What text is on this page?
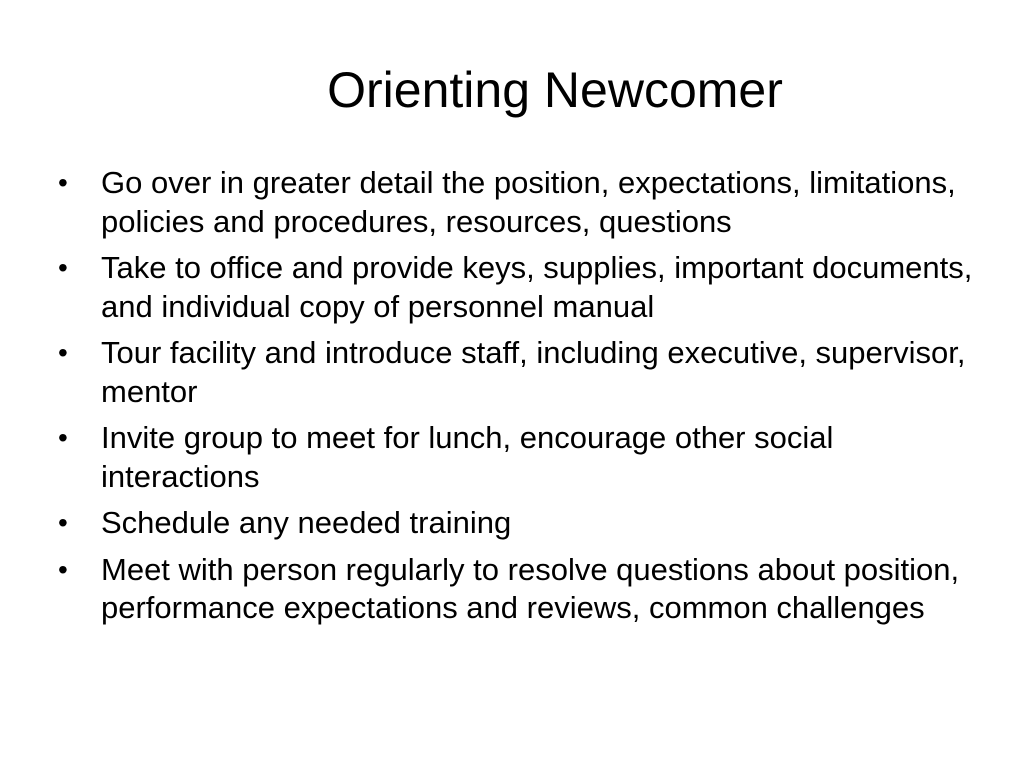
Orienting Newcomer
•	Go over in greater detail the position, expectations, limitations, policies and procedures, resources, questions
•	Take to office and provide keys, supplies, important documents, and individual copy of personnel manual
•	Tour facility and introduce staff, including executive, supervisor, mentor
•	Invite group to meet for lunch, encourage other social interactions
•	Schedule any needed training
•	Meet with person regularly to resolve questions about position, performance expectations and reviews, common challenges
